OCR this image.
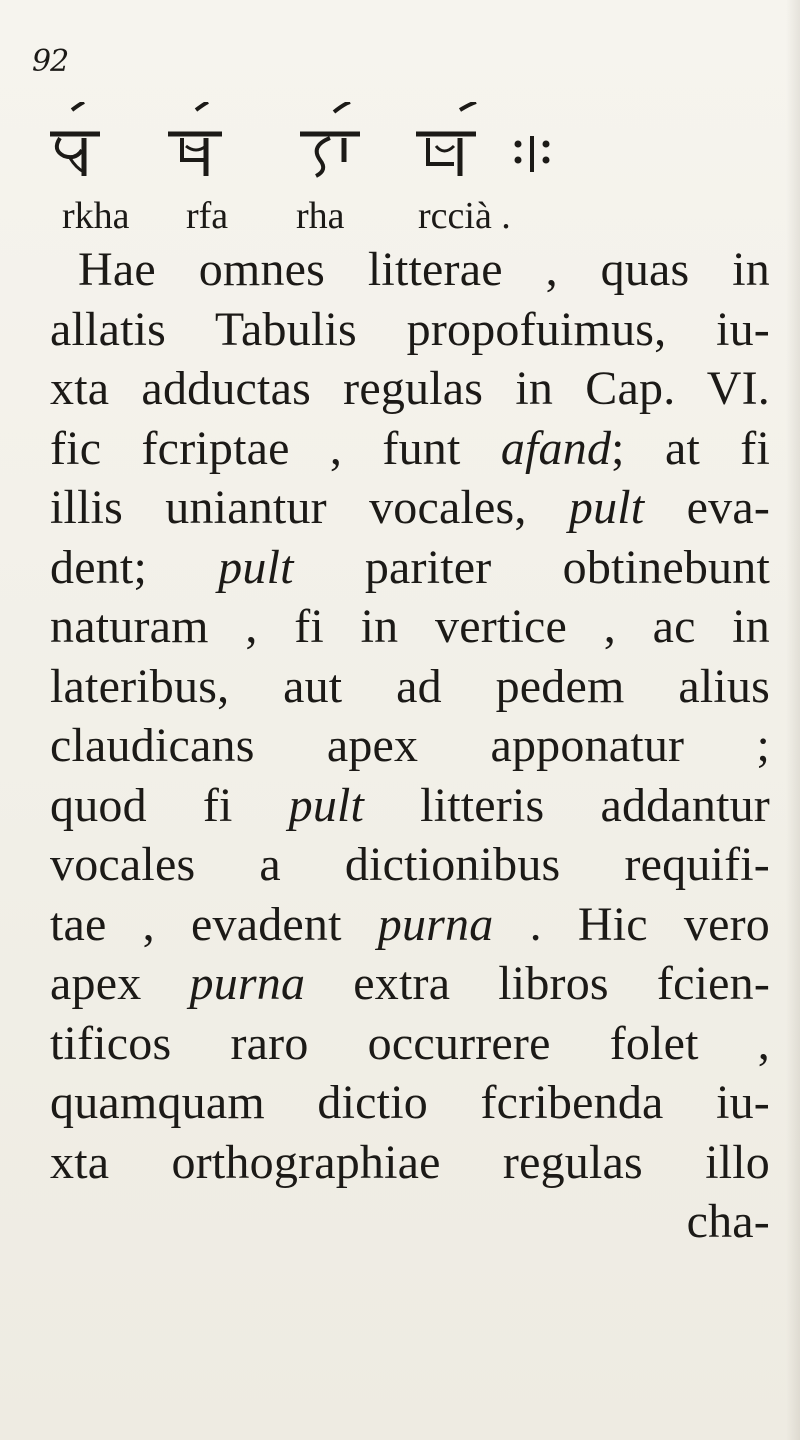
92
rkha rfa rha rccià .
Hae omnes litterae , quas in
allatis Tabulis propofuimus, iu-
xta adductas regulas in Cap. VI.
fic fcriptae , funt afand; at fi
illis uniantur vocales, pult eva-
dent; pult pariter obtinebunt
naturam , fi in vertice , ac in
lateribus, aut ad pedem alius
claudicans apex apponatur ;
quod fi pult litteris addantur
vocales a dictionibus requifi-
tae , evadent purna . Hic vero
apex purna extra libros fcien-
tificos raro occurrere folet ,
quamquam dictio fcribenda iu-
xta orthographiae regulas illo
cha-
